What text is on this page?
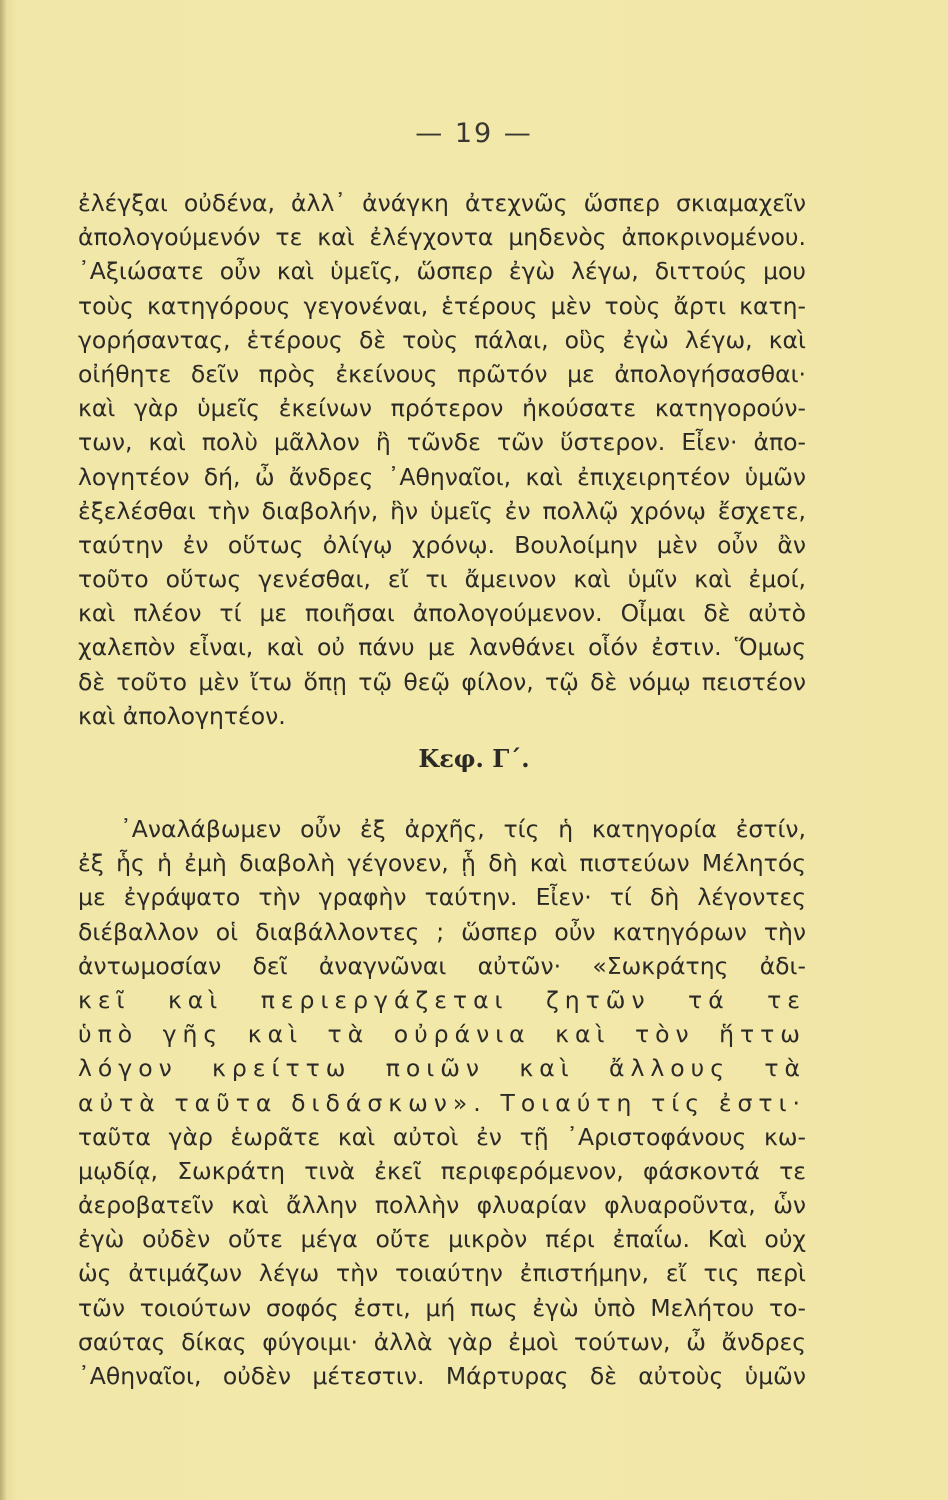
— 19 —
ἐλέγξαι οὐδένα, ἀλλ᾽ ἀνάγκη ἀτεχνῶς ὥσπερ σκιαμαχεῖν
ἀπολογούμενόν τε καὶ ἐλέγχοντα μηδενὸς ἀποκρινομένου.
᾽Αξιώσατε οὖν καὶ ὑμεῖς, ὥσπερ ἐγὼ λέγω, διττούς μου
τοὺς κατηγόρους γεγονέναι, ἑτέρους μὲν τοὺς ἄρτι κατη-
γορήσαντας, ἑτέρους δὲ τοὺς πάλαι, οὓς ἐγὼ λέγω, καὶ
οἰήθητε δεῖν πρὸς ἐκείνους πρῶτόν με ἀπολογήσασθαι·
καὶ γὰρ ὑμεῖς ἐκείνων πρότερον ἠκούσατε κατηγορούν-
των, καὶ πολὺ μᾶλλον ἢ τῶνδε τῶν ὕστερον. Εἶεν· ἀπο-
λογητέον δή, ὦ ἄνδρες ᾽Αθηναῖοι, καὶ ἐπιχειρητέον ὑμῶν
ἐξελέσθαι τὴν διαβολήν, ἣν ὑμεῖς ἐν πολλῷ χρόνῳ ἔσχετε,
ταύτην ἐν οὕτως ὀλίγῳ χρόνῳ. Βουλοίμην μὲν οὖν ἂν
τοῦτο οὕτως γενέσθαι, εἴ τι ἄμεινον καὶ ὑμῖν καὶ ἐμοί,
καὶ πλέον τί με ποιῆσαι ἀπολογούμενον. Οἶμαι δὲ αὐτὸ
χαλεπὸν εἶναι, καὶ οὐ πάνυ με λανθάνει οἷόν ἐστιν. Ὅμως
δὲ τοῦτο μὲν ἴτω ὅπῃ τῷ θεῷ φίλον, τῷ δὲ νόμῳ πειστέον
καὶ ἀπολογητέον.
Κεφ. Γ΄.
᾽Αναλάβωμεν οὖν ἐξ ἀρχῆς, τίς ἡ κατηγορία ἐστίν,
ἐξ ἧς ἡ ἐμὴ διαβολὴ γέγονεν, ᾗ δὴ καὶ πιστεύων Μέλητός
με ἐγράψατο τὴν γραφὴν ταύτην. Εἶεν· τί δὴ λέγοντες
διέβαλλον οἱ διαβάλλοντες ; ὥσπερ οὖν κατηγόρων τὴν
ἀντωμοσίαν δεῖ ἀναγνῶναι αὐτῶν· «Σωκράτης ἀδι-
κεῖ καὶ περιεργάζεται ζητῶν τά τε
ὑπὸ γῆς καὶ τὰ οὐράνια καὶ τὸν ἥττω
λόγον κρείττω ποιῶν καὶ ἄλλους τὰ
αὐτὰ ταῦτα διδάσκων». Τοιαύτη τίς ἐστι·
ταῦτα γὰρ ἑωρᾶτε καὶ αὐτοὶ ἐν τῇ ᾽Αριστοφάνους κω-
μῳδίᾳ, Σωκράτη τινὰ ἐκεῖ περιφερόμενον, φάσκοντά τε
ἀεροβατεῖν καὶ ἄλλην πολλὴν φλυαρίαν φλυαροῦντα, ὧν
ἐγὼ οὐδὲν οὔτε μέγα οὔτε μικρὸν πέρι ἐπαΐω. Καὶ οὐχ
ὡς ἀτιμάζων λέγω τὴν τοιαύτην ἐπιστήμην, εἴ τις περὶ
τῶν τοιούτων σοφός ἐστι, μή πως ἐγὼ ὑπὸ Μελήτου το-
σαύτας δίκας φύγοιμι· ἀλλὰ γὰρ ἐμοὶ τούτων, ὦ ἄνδρες
᾽Αθηναῖοι, οὐδὲν μέτεστιν. Μάρτυρας δὲ αὐτοὺς ὑμῶν
